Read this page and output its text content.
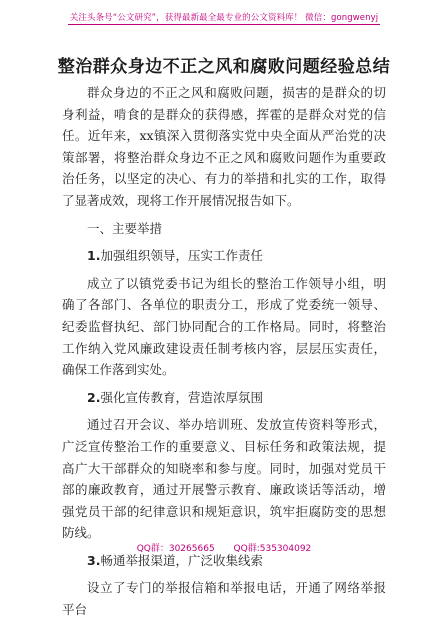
关注头条号“公文研究”，获得最新最全最专业的公文资料库！ 微信：gongwenyj
整治群众身边不正之风和腐败问题经验总结

群众身边的不正之风和腐败问题，损害的是群众的切身利益，啃食的是群众的获得感，挥霍的是群众对党的信任。近年来，xx镇深入贯彻落实党中央全面从严治党的决策部署，将整治群众身边不正之风和腐败问题作为重要政治任务，以坚定的决心、有力的举措和扎实的工作，取得了显著成效，现将工作开展情况报告如下。

一、主要举措

1.加强组织领导，压实工作责任

成立了以镇党委书记为组长的整治工作领导小组，明确了各部门、各单位的职责分工，形成了党委统一领导、纪委监督执纪、部门协同配合的工作格局。同时，将整治工作纳入党风廉政建设责任制考核内容，层层压实责任，确保工作落到实处。

2.强化宣传教育，营造浓厚氛围

通过召开会议、举办培训班、发放宣传资料等形式，广泛宣传整治工作的重要意义、目标任务和政策法规，提高广大干部群众的知晓率和参与度。同时，加强对党员干部的廉政教育，通过开展警示教育、廉政谈话等活动，增强党员干部的纪律意识和规矩意识，筑牢拒腐防变的思想防线。

3.畅通举报渠道，广泛收集线索

设立了专门的举报信箱和举报电话，开通了网络举报平台

QQ群：30265665 QQ群:535304092
